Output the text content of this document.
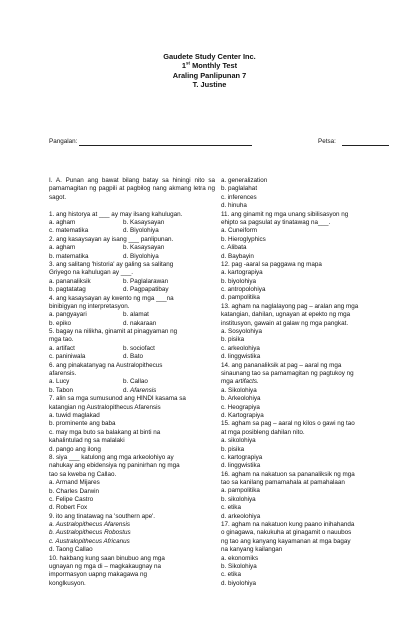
Gaudete Study Center Inc.
1st Monthly Test
Araling Panlipunan 7
T. Justine
Pangalan:	Petsa:
I. A. Punan ang bawat bilang batay sa hiningi nito sa pamamagitan ng pagpili at pagbilog nang akmang letra ng sagot.
1. ang historya at ___ ay may ilsang kahulugan.
a. agham	b. Kasaysayan
c. matematika	d. Biyolohiya
2. ang kasaysayan ay isang ___ panlipunan.
a. agham	b. Kasaysayan
b. matematika	d. Biyolohiya
3. ang salitang 'historia' ay galing sa salitang
Griyego na kahulugan ay ___.
a. pananaliksik	b. Paglalarawan
b. pagtatatag	d. Pagpapatibay
4. ang kasaysayan ay kwento ng mga ___na
binibigyan ng interpretasyon.
a. pangyayari	b. alamat
b. epiko	d. nakaraan
5. bagay na nilikha, ginamit at pinagyaman ng
mga tao.
a. artifact	b. sociofact
c. paniniwala	d. Bato
6. ang pinakatanyag na Australopithecus
afarensis.
a. Lucy	b. Callao
b. Tabon	d. Afarensis
7. alin sa mga sumusunod ang HINDI kasama sa
katangian ng Australopithecus Afarensis
a. tuwid maglakad
b. prominente ang baba
c. may mga buto sa balakang at binti na
kahalintulad ng sa malalaki
d. pango ang ilong
8. siya ___ katulong ang mga arkeolohiyo ay
nahukay ang ebidensiya ng paninirhan ng mga
tao sa kweba ng Callao.
a. Armand Mijares
b. Charles Darwin
c. Felipe Castro
d. Robert Fox
9. ito ang tinatawag na 'southern ape'.
a. Australopithecus Afarensis
b. Australopithecus Robostus
c. Australopithecus Africanus
d. Taong Callao
10. hakbang kung saan binubuo ang mga
ugnayan ng mga di – magkakaugnay na
impormasyon uapng makagawa ng
konglkusyon.
a. generalization
b. paglalahat
c. inferences
d. hinuha
11. ang ginamit ng mga unang sibilisasyon ng
ehipto sa pagsulat ay tinatawag na___.
a. Cuneiform
b. Hieroglyphics
c. Alibata
d. Baybayin
12. pag -aaral sa paggawa ng mapa
a. kartograpiya
b. biyolohiya
c. antropolohiya
d. pampolitika
13. agham na naglalayong pag – aralan ang mga
katangian, dahilan, ugnayan at epekto ng mga
institusyon, gawain at galaw ng mga pangkat.
a. Sosyolohiya
b. pisika
c. arkeolohiya
d. linggwistika
14. ang pananaliksik at pag – aaral ng mga
sinaunang tao sa pamamagitan ng pagtukoy ng
mga artifacts.
a. Sikolohiya
b. Arkeolohiya
c. Heograpiya
d. Kartograpiya
15. agham sa pag – aaral ng kilos o gawi ng tao
at mga posibleng dahilan nito.
a. sikolohiya
b. pisika
c. kartograpiya
d. linggwistika
16. agham na nakatuon sa pananaliksik ng mga
tao sa kanilang pamamahala at pamahalaan
a. pampolitika
b. sikolohiya
c. etika
d. arkeolohiya
17. agham na nakatuon kung paano inihahanda
o ginagawa, nakukuha at ginagamit o nauubos
ng tao ang kanyang kayamanan at mga bagay
na kanyang kailangan
a. ekonomiks
b. Sikolohiya
c. etika
d. biyolohiya
